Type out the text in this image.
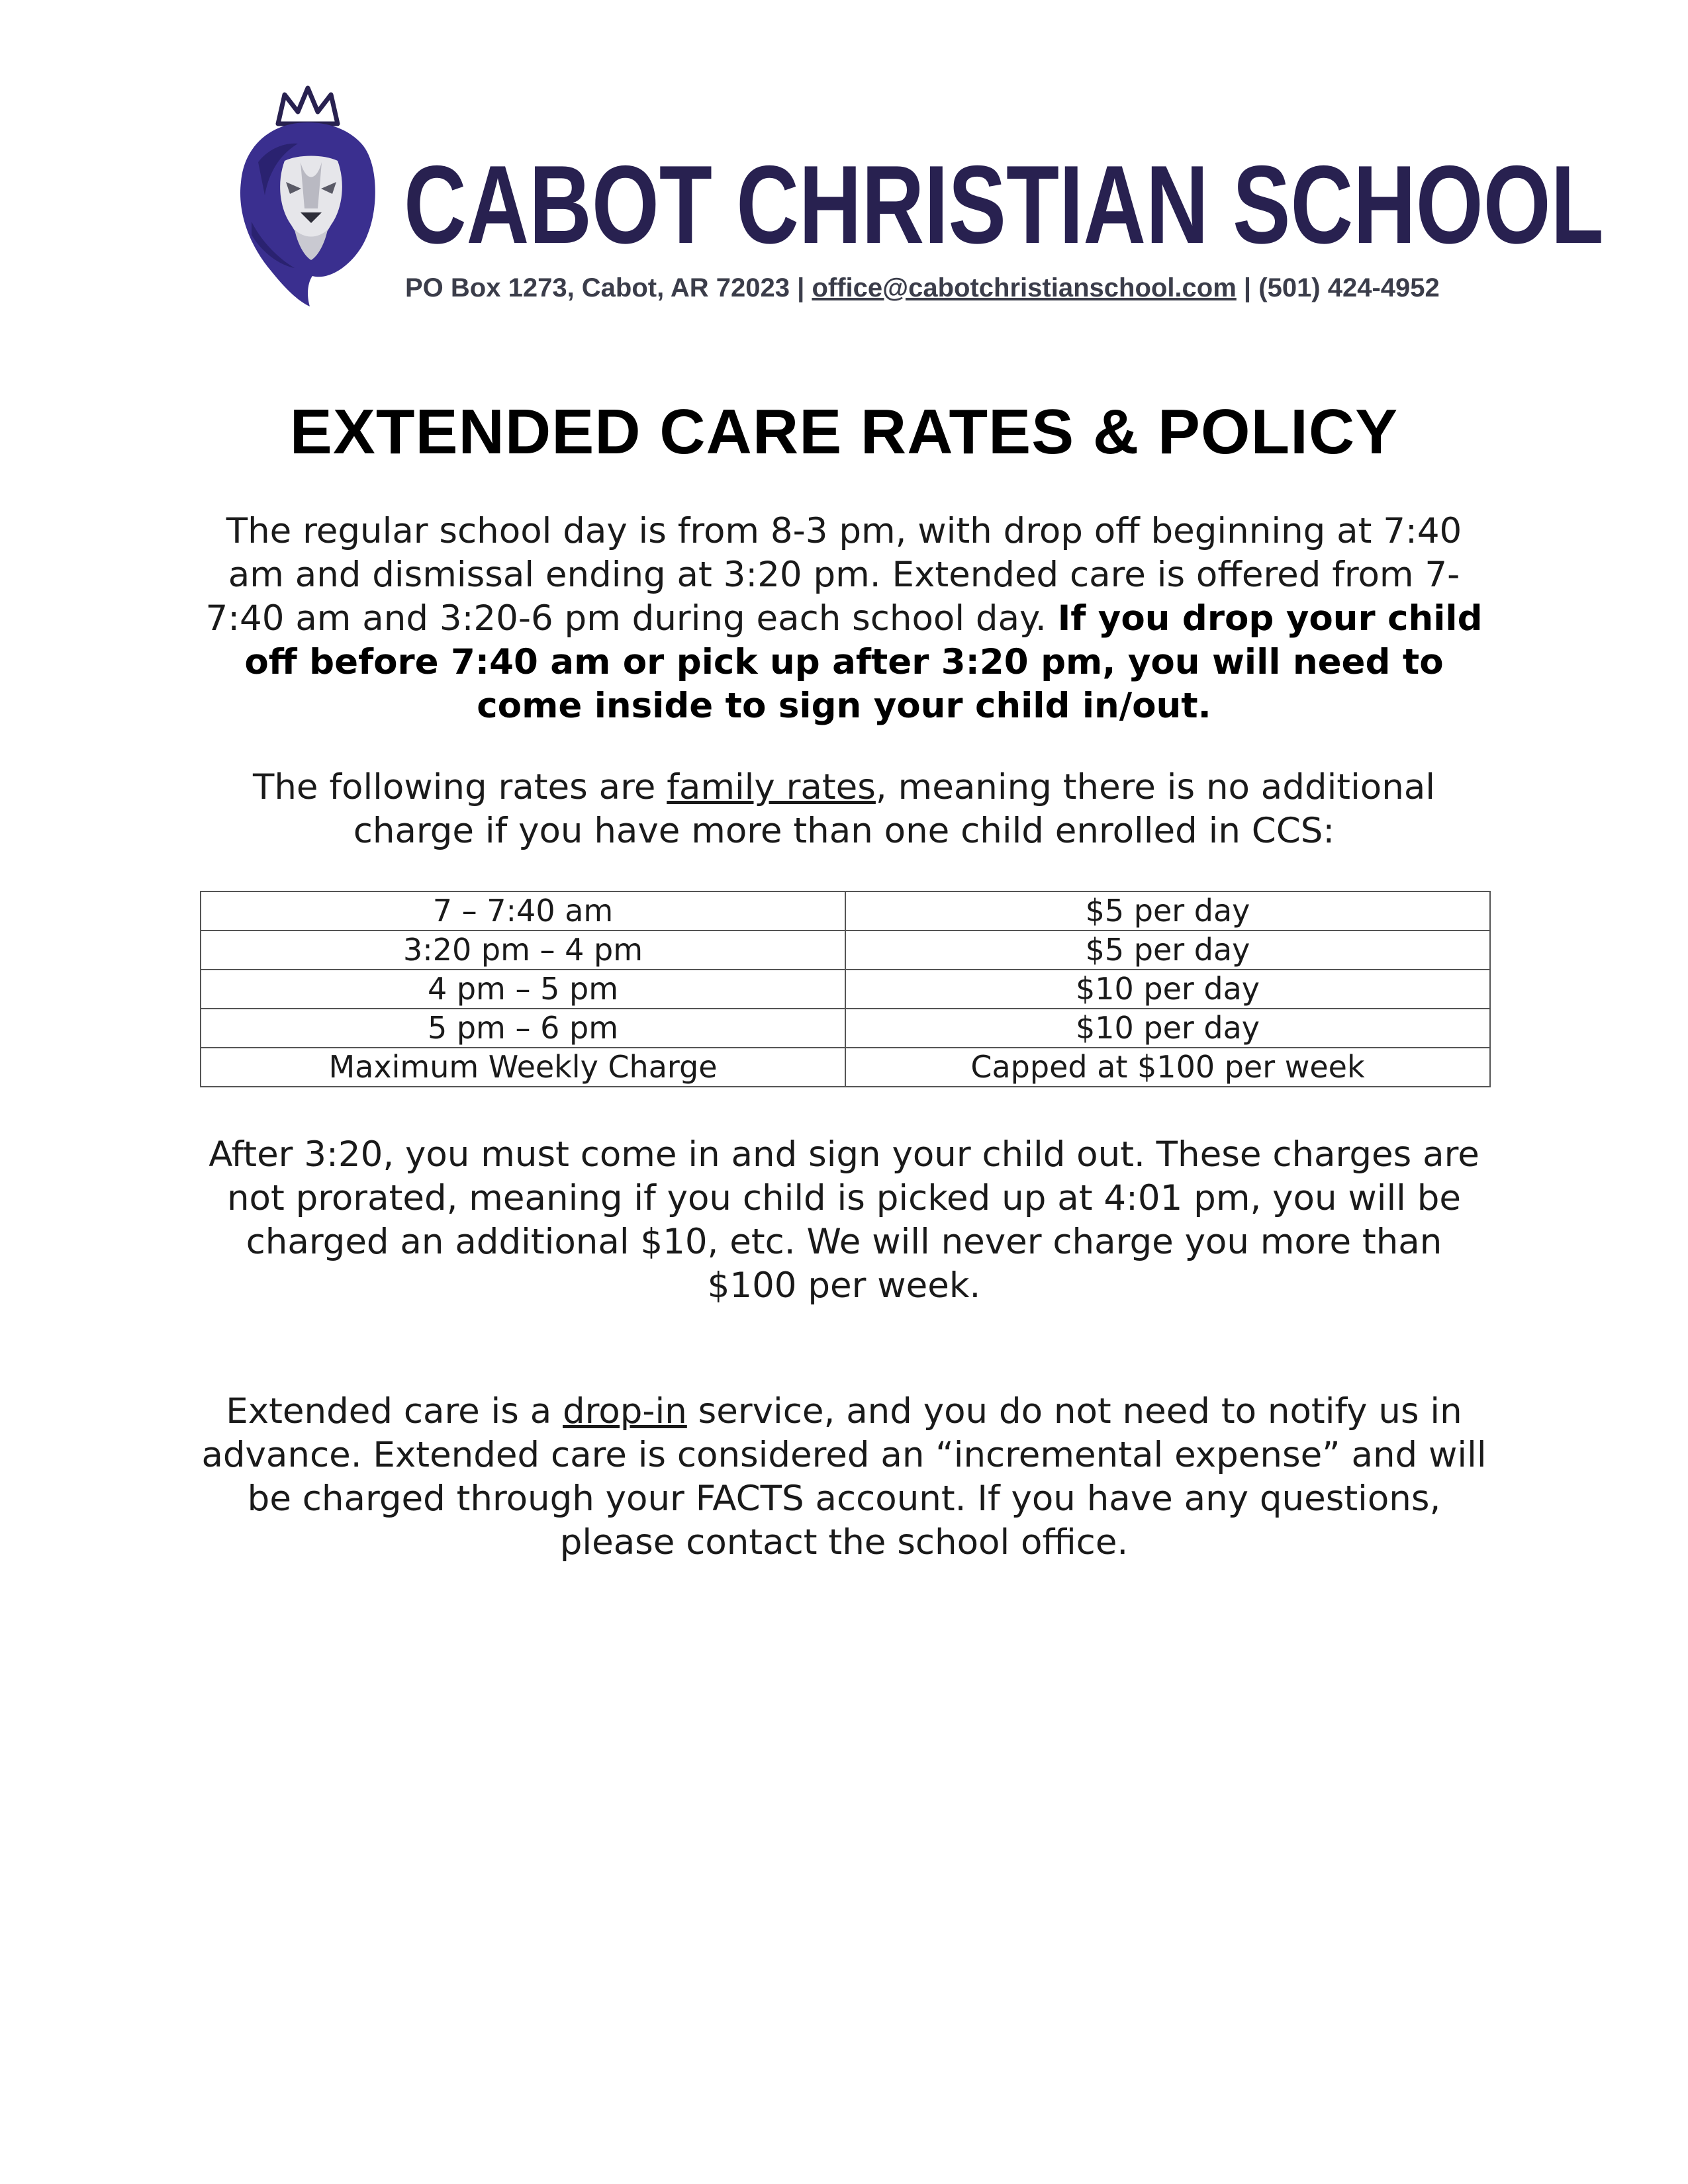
CABOT CHRISTIAN SCHOOL
PO Box 1273, Cabot, AR 72023 | office@cabotchristianschool.com | (501) 424-4952
EXTENDED CARE RATES & POLICY
The regular school day is from 8-3 pm, with drop off beginning at 7:40 am and dismissal ending at 3:20 pm. Extended care is offered from 7-7:40 am and 3:20-6 pm during each school day. If you drop your child off before 7:40 am or pick up after 3:20 pm, you will need to come inside to sign your child in/out.
The following rates are family rates, meaning there is no additional charge if you have more than one child enrolled in CCS:
7 – 7:40 am	$5 per day
3:20 pm – 4 pm	$5 per day
4 pm – 5 pm	$10 per day
5 pm – 6 pm	$10 per day
Maximum Weekly Charge	Capped at $100 per week
After 3:20, you must come in and sign your child out. These charges are not prorated, meaning if you child is picked up at 4:01 pm, you will be charged an additional $10, etc. We will never charge you more than $100 per week.
Extended care is a drop-in service, and you do not need to notify us in advance. Extended care is considered an “incremental expense” and will be charged through your FACTS account. If you have any questions, please contact the school office.
